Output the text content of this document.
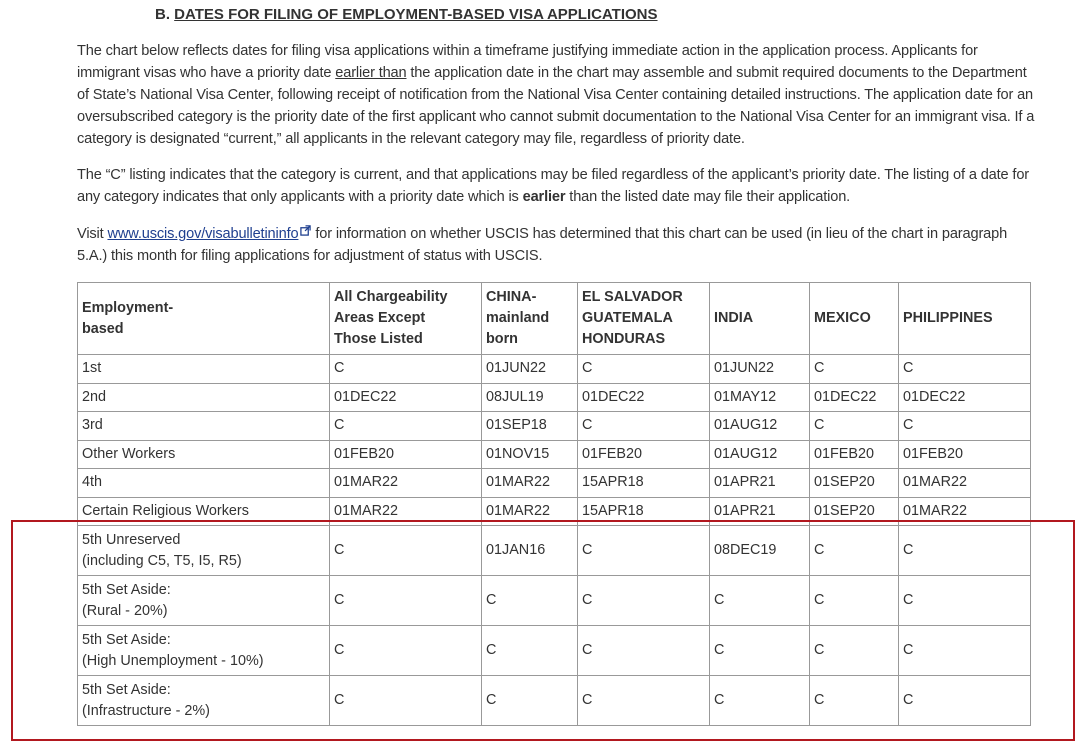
B. DATES FOR FILING OF EMPLOYMENT-BASED VISA APPLICATIONS

The chart below reflects dates for filing visa applications within a timeframe justifying immediate action in the application process. Applicants for immigrant visas who have a priority date earlier than the application date in the chart may assemble and submit required documents to the Department of State’s National Visa Center, following receipt of notification from the National Visa Center containing detailed instructions. The application date for an oversubscribed category is the priority date of the first applicant who cannot submit documentation to the National Visa Center for an immigrant visa. If a category is designated “current,” all applicants in the relevant category may file, regardless of priority date.

The “C” listing indicates that the category is current, and that applications may be filed regardless of the applicant’s priority date. The listing of a date for any category indicates that only applicants with a priority date which is earlier than the listed date may file their application.

Visit www.uscis.gov/visabulletininfo for information on whether USCIS has determined that this chart can be used (in lieu of the chart in paragraph 5.A.) this month for filing applications for adjustment of status with USCIS.

Employment-
based	All Chargeability
Areas Except
Those Listed	CHINA-
mainland
born	EL SALVADOR
GUATEMALA
HONDURAS	INDIA	MEXICO	PHILIPPINES
1st	C	01JUN22	C	01JUN22	C	C
2nd	01DEC22	08JUL19	01DEC22	01MAY12	01DEC22	01DEC22
3rd	C	01SEP18	C	01AUG12	C	C
Other Workers	01FEB20	01NOV15	01FEB20	01AUG12	01FEB20	01FEB20
4th	01MAR22	01MAR22	15APR18	01APR21	01SEP20	01MAR22
Certain Religious Workers	01MAR22	01MAR22	15APR18	01APR21	01SEP20	01MAR22
5th Unreserved
(including C5, T5, I5, R5)	C	01JAN16	C	08DEC19	C	C
5th Set Aside:
(Rural - 20%)	C	C	C	C	C	C
5th Set Aside:
(High Unemployment - 10%)	C	C	C	C	C	C
5th Set Aside:
(Infrastructure - 2%)	C	C	C	C	C	C
